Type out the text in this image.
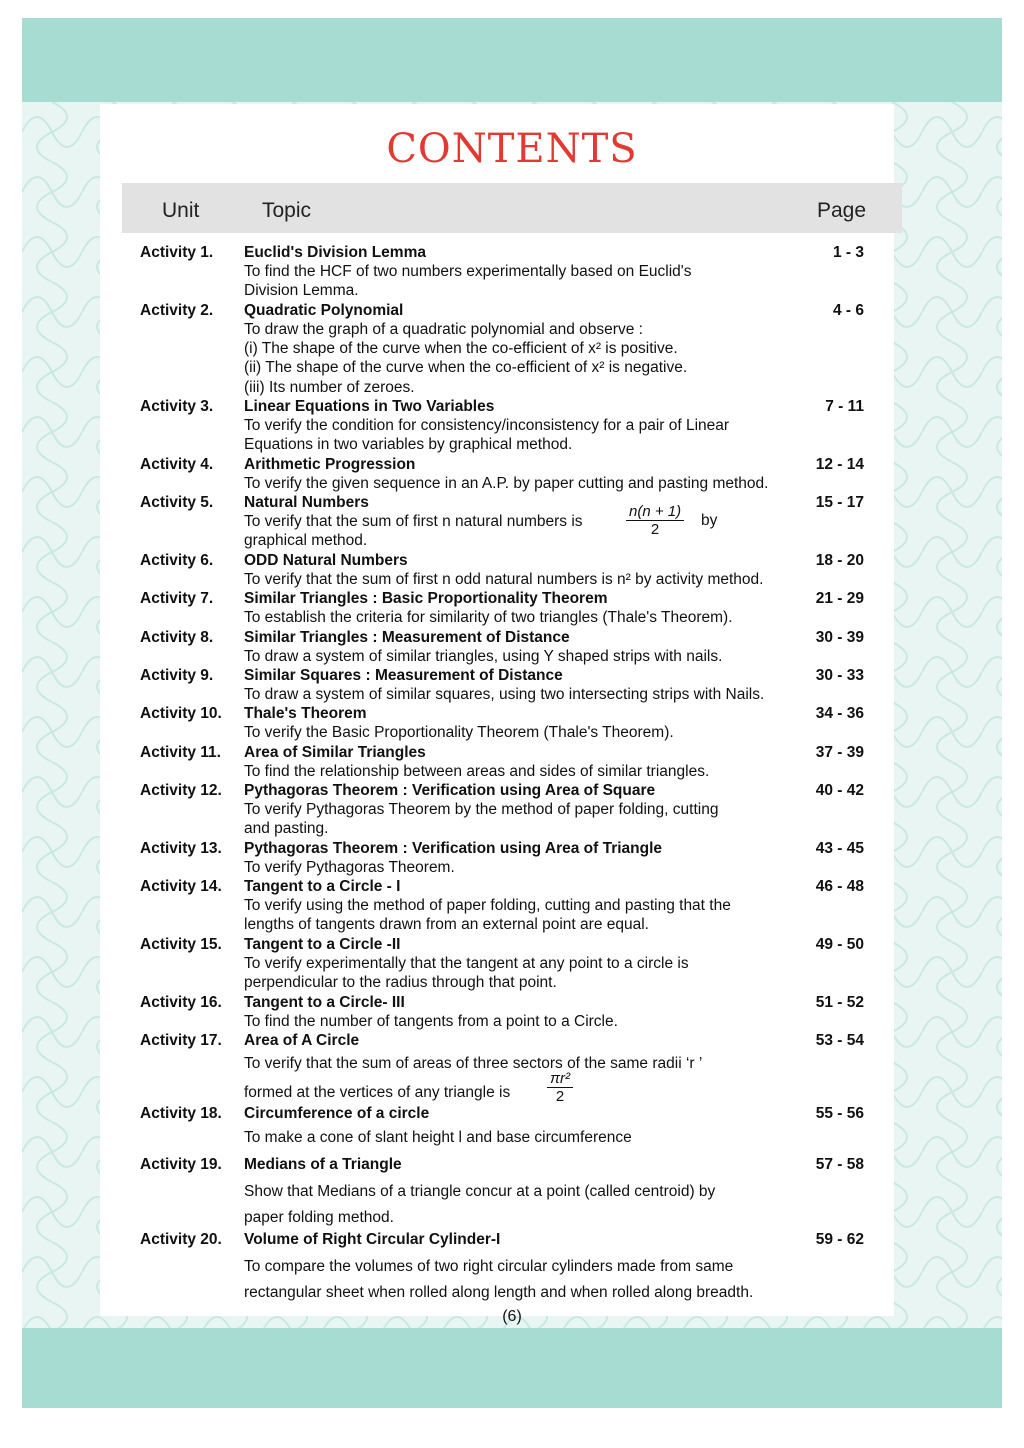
CONTENTS
Unit	Topic	Page
Activity 1. Euclid's Division Lemma	1 - 3
To find the HCF of two numbers experimentally based on Euclid's
Division Lemma.
Activity 2. Quadratic Polynomial	4 - 6
To draw the graph of a quadratic polynomial and observe :
(i) The shape of the curve when the co-efficient of x² is positive.
(ii) The shape of the curve when the co-efficient of x² is negative.
(iii) Its number of zeroes.
Activity 3. Linear Equations in Two Variables	7 - 11
To verify the condition for consistency/inconsistency for a pair of Linear
Equations in two variables by graphical method.
Activity 4. Arithmetic Progression	12 - 14
To verify the given sequence in an A.P. by paper cutting and pasting method.
Activity 5. Natural Numbers	15 - 17
To verify that the sum of first n natural numbers is
graphical method.
Activity 6. ODD Natural Numbers	18 - 20
To verify that the sum of first n odd natural numbers is n² by activity method.
Activity 7. Similar Triangles : Basic Proportionality Theorem	21 - 29
To establish the criteria for similarity of two triangles (Thale's Theorem).
Activity 8. Similar Triangles : Measurement of Distance	30 - 39
To draw a system of similar triangles, using Y shaped strips with nails.
Activity 9. Similar Squares : Measurement of Distance	30 - 33
To draw a system of similar squares, using two intersecting strips with Nails.
Activity 10. Thale's Theorem	34 - 36
To verify the Basic Proportionality Theorem (Thale's Theorem).
Activity 11. Area of Similar Triangles	37 - 39
To find the relationship between areas and sides of similar triangles.
Activity 12. Pythagoras Theorem : Verification using Area of Square	40 - 42
To verify Pythagoras Theorem by the method of paper folding, cutting
and pasting.
Activity 13. Pythagoras Theorem : Verification using Area of Triangle	43 - 45
To verify Pythagoras Theorem.
Activity 14. Tangent to a Circle - I	46 - 48
To verify using the method of paper folding, cutting and pasting that the
lengths of tangents drawn from an external point are equal.
Activity 15. Tangent to a Circle -II	49 - 50
To verify experimentally that the tangent at any point to a circle is
perpendicular to the radius through that point.
Activity 16. Tangent to a Circle- III	51 - 52
To find the number of tangents from a point to a Circle.
Activity 17. Area of A Circle	53 - 54
To verify that the sum of areas of three sectors of the same radii ‘r ’
formed at the vertices of any triangle is
Activity 18. Circumference of a circle	55 - 56
To make a cone of slant height l and base circumference
Activity 19. Medians of a Triangle	57 - 58
Show that Medians of a triangle concur at a point (called centroid) by
paper folding method.
Activity 20. Volume of Right Circular Cylinder-I	59 - 62
To compare the volumes of two right circular cylinders made from same
rectangular sheet when rolled along length and when rolled along breadth.
$\frac{n(n + 1)}{2}$ by
$\frac{\text{πr²}}{2}$
(6)
